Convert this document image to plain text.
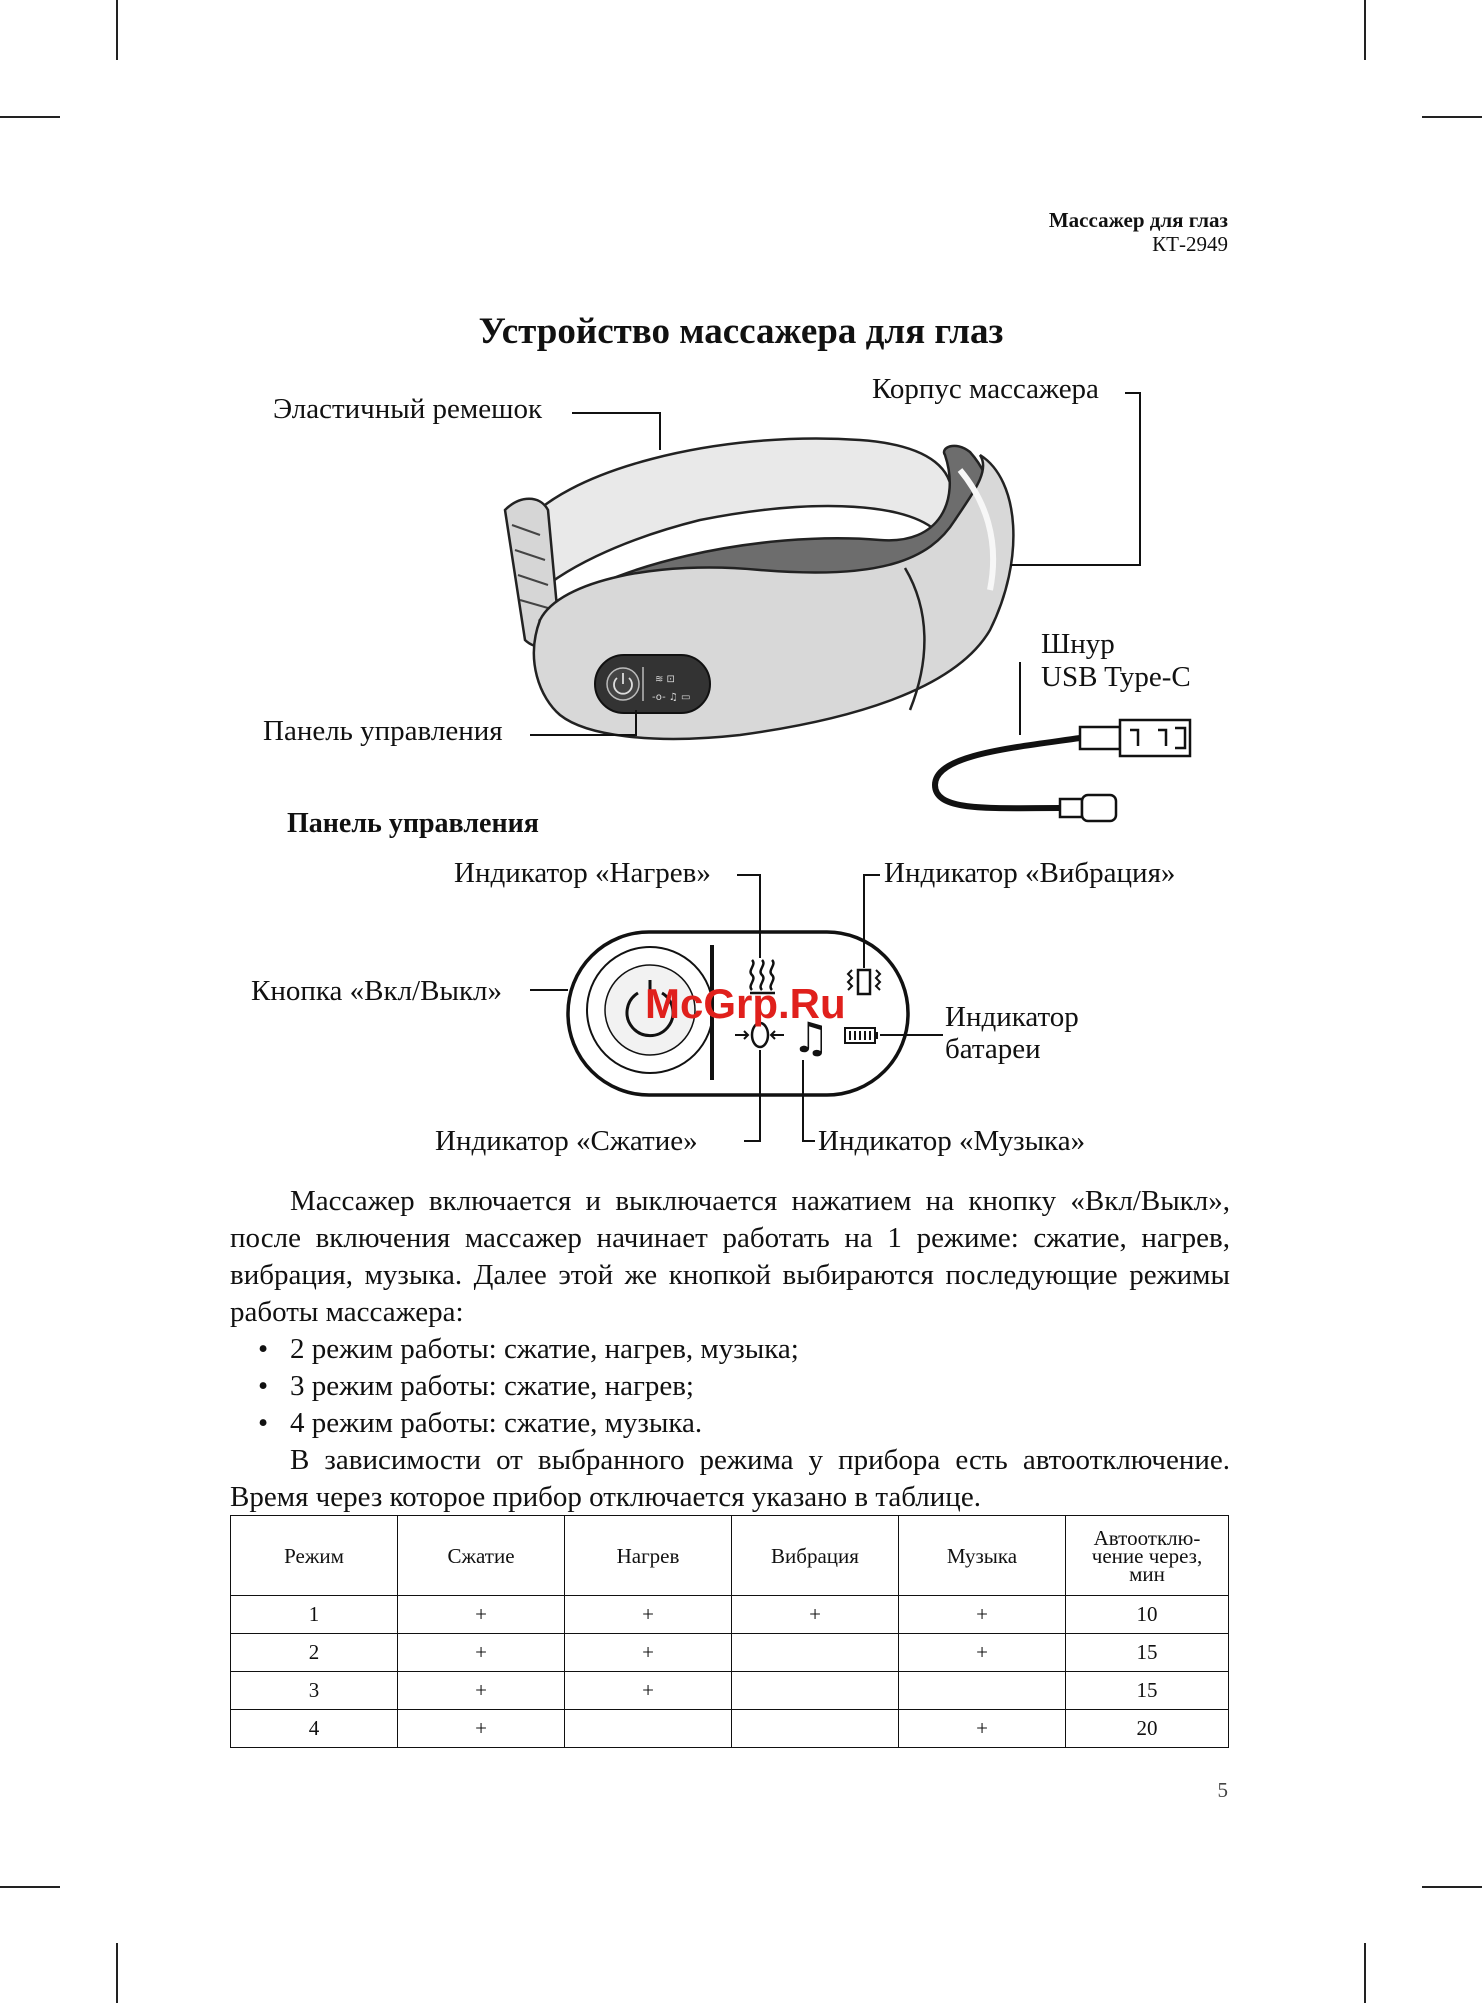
Массажер для глаз
КТ-2949
Устройство массажера для глаз
≋ ⊡
-o- ♫ ▭
Эластичный ремешок
Корпус массажера
Шнур
USB Type-C
Панель управления
Панель управления
♫
Индикатор «Нагрев»	Индикатор «Вибрация»
Кнопка «Вкл/Выкл»
Индикатор
батареи
Индикатор «Сжатие»	Индикатор «Музыка»
McGrp.Ru

Массажер включается и выключается нажатием на кнопку «Вкл/Выкл», после включения массажер начинает работать на 1 режиме: сжатие, нагрев, вибрация, музыка. Далее этой же кнопкой выбираются последующие режимы работы массажера:

• 2 режим работы: сжатие, нагрев, музыка;
• 3 режим работы: сжатие, нагрев;
• 4 режим работы: сжатие, музыка.

В зависимости от выбранного режима у прибора есть автоотключение. Время через которое прибор отключается указано в таблице.

Режим	Сжатие	Нагрев	Вибрация	Музыка	Автоотклю-
чение через,
мин

1	+	+	+	+	10
2	+	+		+	15
3	+	+			15
4	+			+	20
5
